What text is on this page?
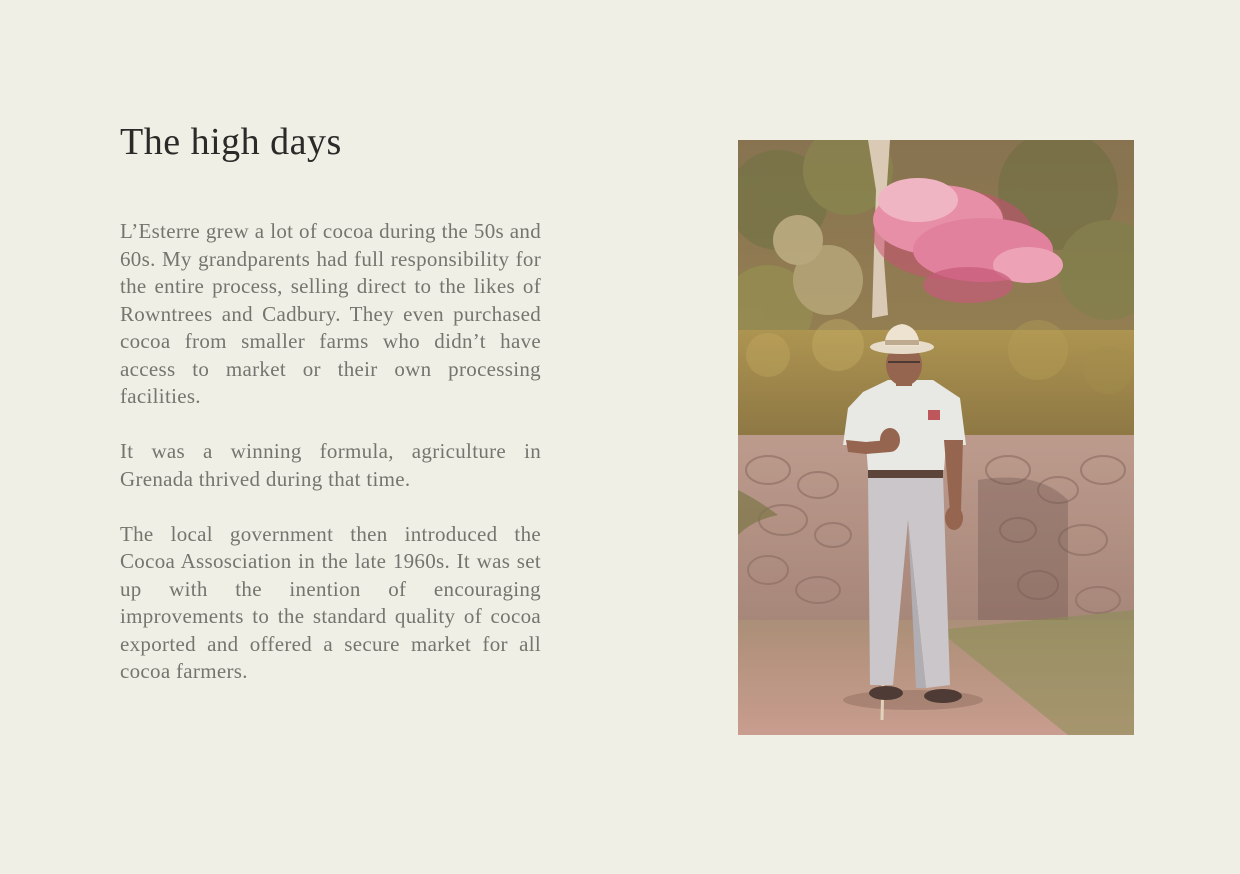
The high days

L’Esterre grew a lot of cocoa during the 50s and 60s. My grandparents had full responsibility for the entire process, selling direct to the likes of Rowntrees and Cadbury. They even purchased cocoa from smaller farms who didn’t have access to market or their own processing facilities.

It was a winning formula, agriculture in Grenada thrived during that time.

The local government then introduced the Cocoa Assosciation in the late 1960s. It was set up with the inention of encouraging improvements to the standard quality of cocoa exported and offered a secure market for all cocoa farmers.
